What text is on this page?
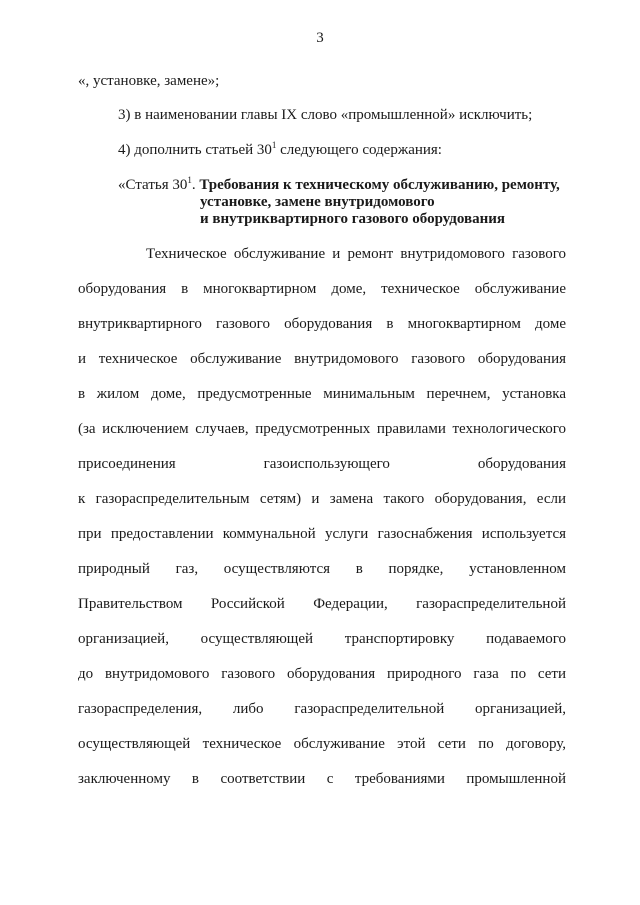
3
«, установке, замене»;
3) в наименовании главы IX слово «промышленной» исключить;
4) дополнить статьей $30^1$ следующего содержания:
«Статья $30^1$. Требования к техническому обслуживанию, ремонту,
установке, замене внутридомового
и внутриквартирного газового оборудования
Техническое обслуживание и ремонт внутридомового газового
оборудования в многоквартирном доме, техническое обслуживание
внутриквартирного газового оборудования в многоквартирном доме
и техническое обслуживание внутридомового газового оборудования
в жилом доме, предусмотренные минимальным перечнем, установка
(за исключением случаев, предусмотренных правилами технологического
присоединения газоиспользующего оборудования
к газораспределительным сетям) и замена такого оборудования, если
при предоставлении коммунальной услуги газоснабжения используется
природный газ, осуществляются в порядке, установленном
Правительством Российской Федерации, газораспределительной
организацией, осуществляющей транспортировку подаваемого
до внутридомового газового оборудования природного газа по сети
газораспределения, либо газораспределительной организацией,
осуществляющей техническое обслуживание этой сети по договору,
заключенному в соответствии с требованиями промышленной
